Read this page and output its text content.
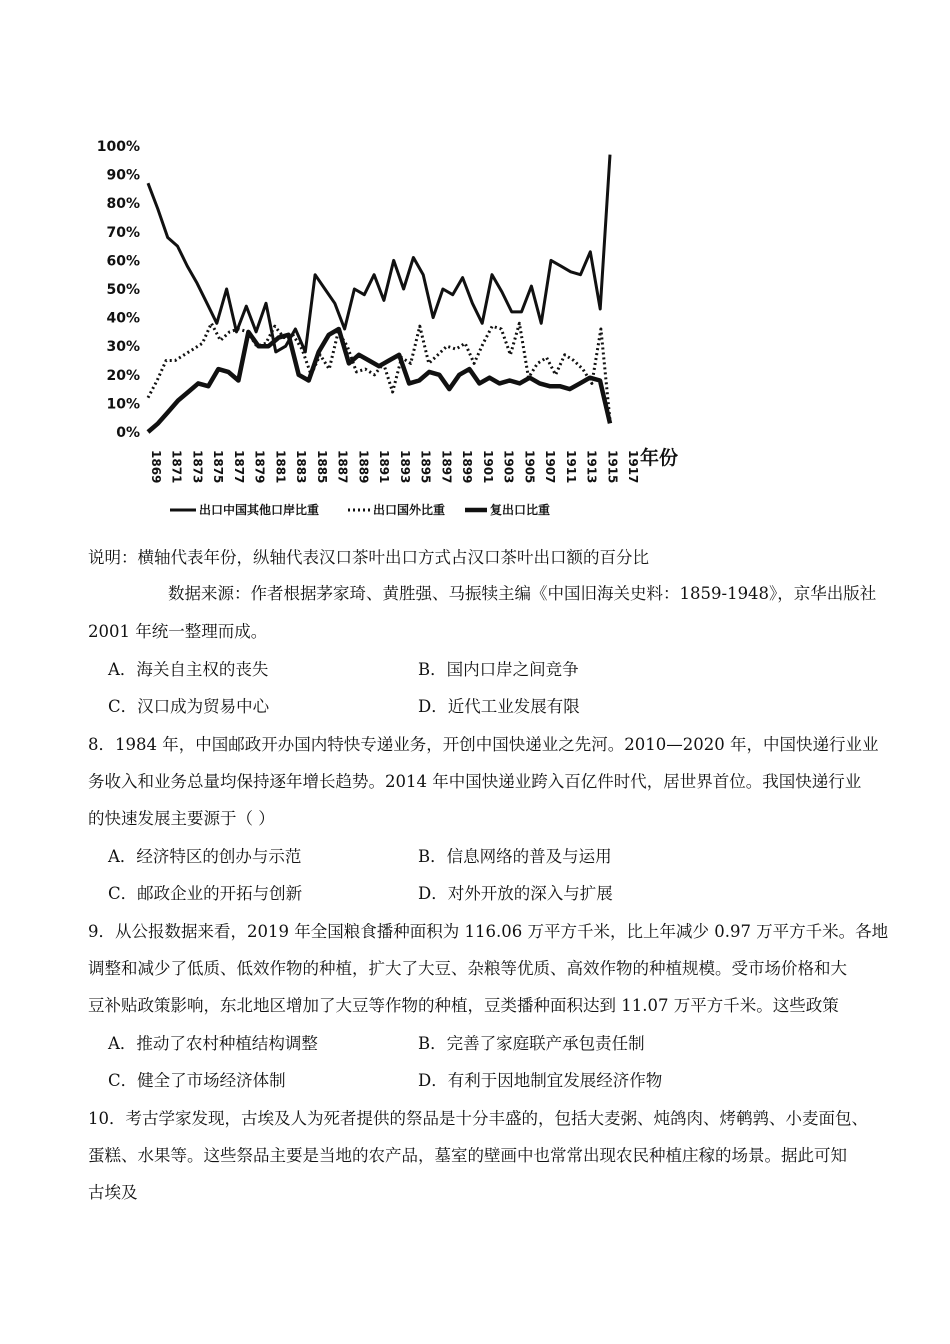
0%
10%
20%
30%
40%
50%
60%
70%
80%
90%
100%
1869 1871 1873 1875 1877 1879 1881 1883 1885 1887 1889 1891 1893 1895 1897 1899 1901 1903 1905 1907 1911 1913 1915 1917 年份
出口中国其他口岸比重	出口国外比重	复出口比重
说明：横轴代表年份，纵轴代表汉口茶叶出口方式占汉口茶叶出口额的百分比
数据来源：作者根据茅家琦、黄胜强、马振犊主编《中国旧海关史料：1859-1948》，京华出版社
2001 年统一整理而成。
A．海关自主权的丧失	B．国内口岸之间竞争
C．汉口成为贸易中心	D．近代工业发展有限
8．1984 年，中国邮政开办国内特快专递业务，开创中国快递业之先河。2010—2020 年，中国快递行业业
务收入和业务总量均保持逐年增长趋势。2014 年中国快递业跨入百亿件时代，居世界首位。我国快递行业
的快速发展主要源于（ ）
A．经济特区的创办与示范	B．信息网络的普及与运用
C．邮政企业的开拓与创新	D．对外开放的深入与扩展
9．从公报数据来看，2019 年全国粮食播种面积为 116.06 万平方千米，比上年减少 0.97 万平方千米。各地
调整和减少了低质、低效作物的种植，扩大了大豆、杂粮等优质、高效作物的种植规模。受市场价格和大
豆补贴政策影响，东北地区增加了大豆等作物的种植，豆类播种面积达到 11.07 万平方千米。这些政策
A．推动了农村种植结构调整	B．完善了家庭联产承包责任制
C．健全了市场经济体制	D．有利于因地制宜发展经济作物
10．考古学家发现，古埃及人为死者提供的祭品是十分丰盛的，包括大麦粥、炖鸽肉、烤鹌鹑、小麦面包、
蛋糕、水果等。这些祭品主要是当地的农产品，墓室的壁画中也常常出现农民种植庄稼的场景。据此可知
古埃及
